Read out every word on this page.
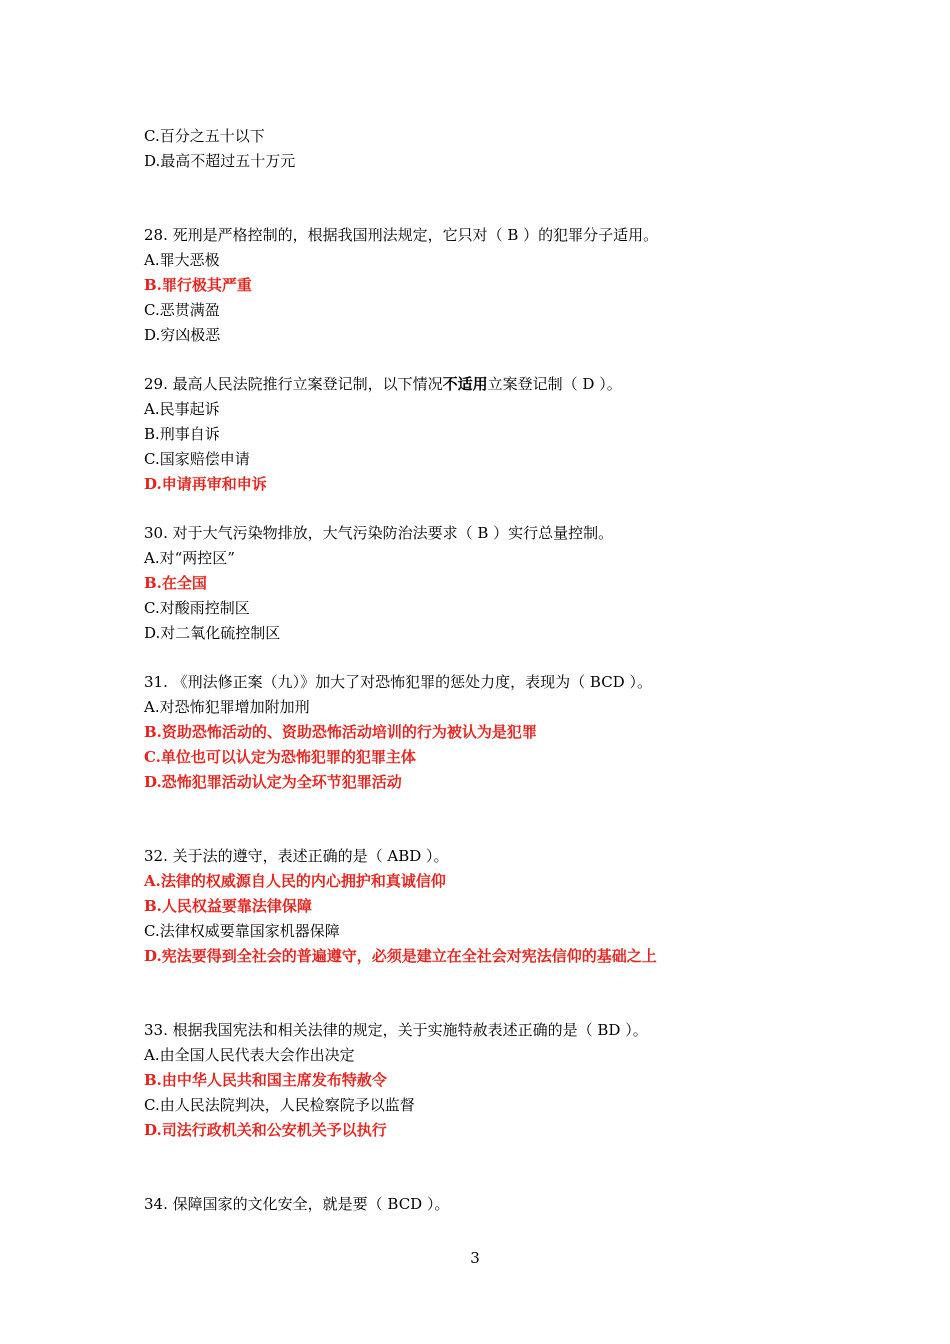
C.百分之五十以下
D.最高不超过五十万元
28. 死刑是严格控制的，根据我国刑法规定，它只对（ B ）的犯罪分子适用。
A.罪大恶极
B.罪行极其严重
C.恶贯满盈
D.穷凶极恶
29. 最高人民法院推行立案登记制，以下情况不适用立案登记制（ D ）。
A.民事起诉
B.刑事自诉
C.国家赔偿申请
D.申请再审和申诉
30. 对于大气污染物排放，大气污染防治法要求（ B ）实行总量控制。
A.对“两控区”
B.在全国
C.对酸雨控制区
D.对二氧化硫控制区
31. 《刑法修正案（九）》加大了对恐怖犯罪的惩处力度，表现为（ BCD ）。
A.对恐怖犯罪增加附加刑
B.资助恐怖活动的、资助恐怖活动培训的行为被认为是犯罪
C.单位也可以认定为恐怖犯罪的犯罪主体
D.恐怖犯罪活动认定为全环节犯罪活动
32. 关于法的遵守，表述正确的是（ ABD ）。
A.法律的权威源自人民的内心拥护和真诚信仰
B.人民权益要靠法律保障
C.法律权威要靠国家机器保障
D.宪法要得到全社会的普遍遵守，必须是建立在全社会对宪法信仰的基础之上
33. 根据我国宪法和相关法律的规定，关于实施特赦表述正确的是（ BD ）。
A.由全国人民代表大会作出决定
B.由中华人民共和国主席发布特赦令
C.由人民法院判决，人民检察院予以监督
D.司法行政机关和公安机关予以执行
34. 保障国家的文化安全，就是要（ BCD ）。
3
